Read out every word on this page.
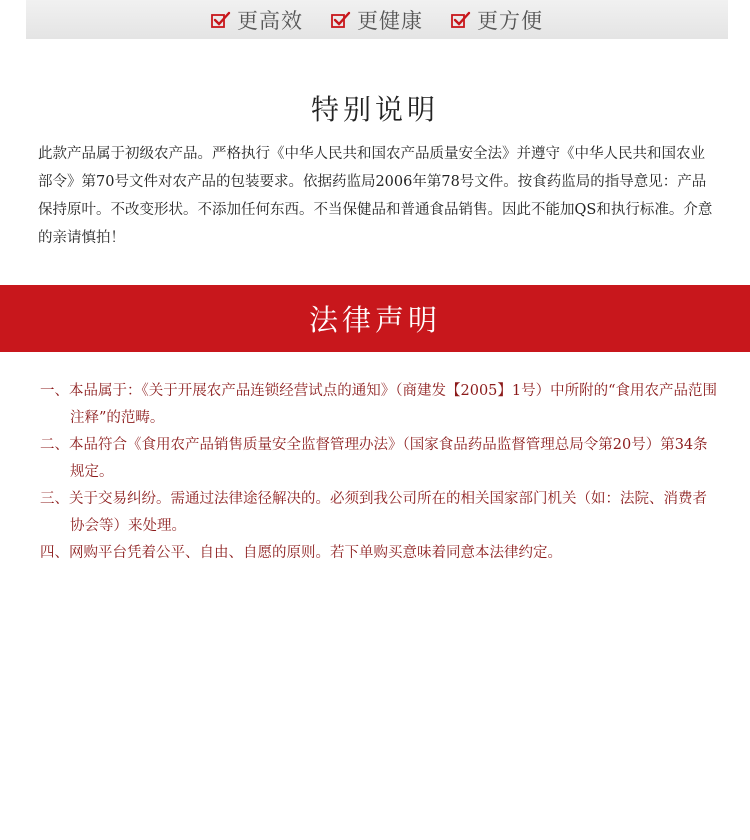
更高效	更健康	更方便
特别说明

此款产品属于初级农产品。严格执行《中华人民共和国农产品质量安全法》并遵守《中华人民共和国农业部令》第70号文件对农产品的包装要求。依据药监局2006年第78号文件。按食药监局的指导意见：产品保持原叶。不改变形状。不添加任何东西。不当保健品和普通食品销售。因此不能加QS和执行标准。介意的亲请慎拍！

法律声明
一、本品属于：《关于开展农产品连锁经营试点的通知》（商建发【2005】1号）中所附的“食用农产品范围注释”的范畴。
二、本品符合《食用农产品销售质量安全监督管理办法》（国家食品药品监督管理总局令第20号）第34条规定。
三、关于交易纠纷。需通过法律途径解决的。必须到我公司所在的相关国家部门机关（如：法院、消费者协会等）来处理。
四、网购平台凭着公平、自由、自愿的原则。若下单购买意味着同意本法律约定。
